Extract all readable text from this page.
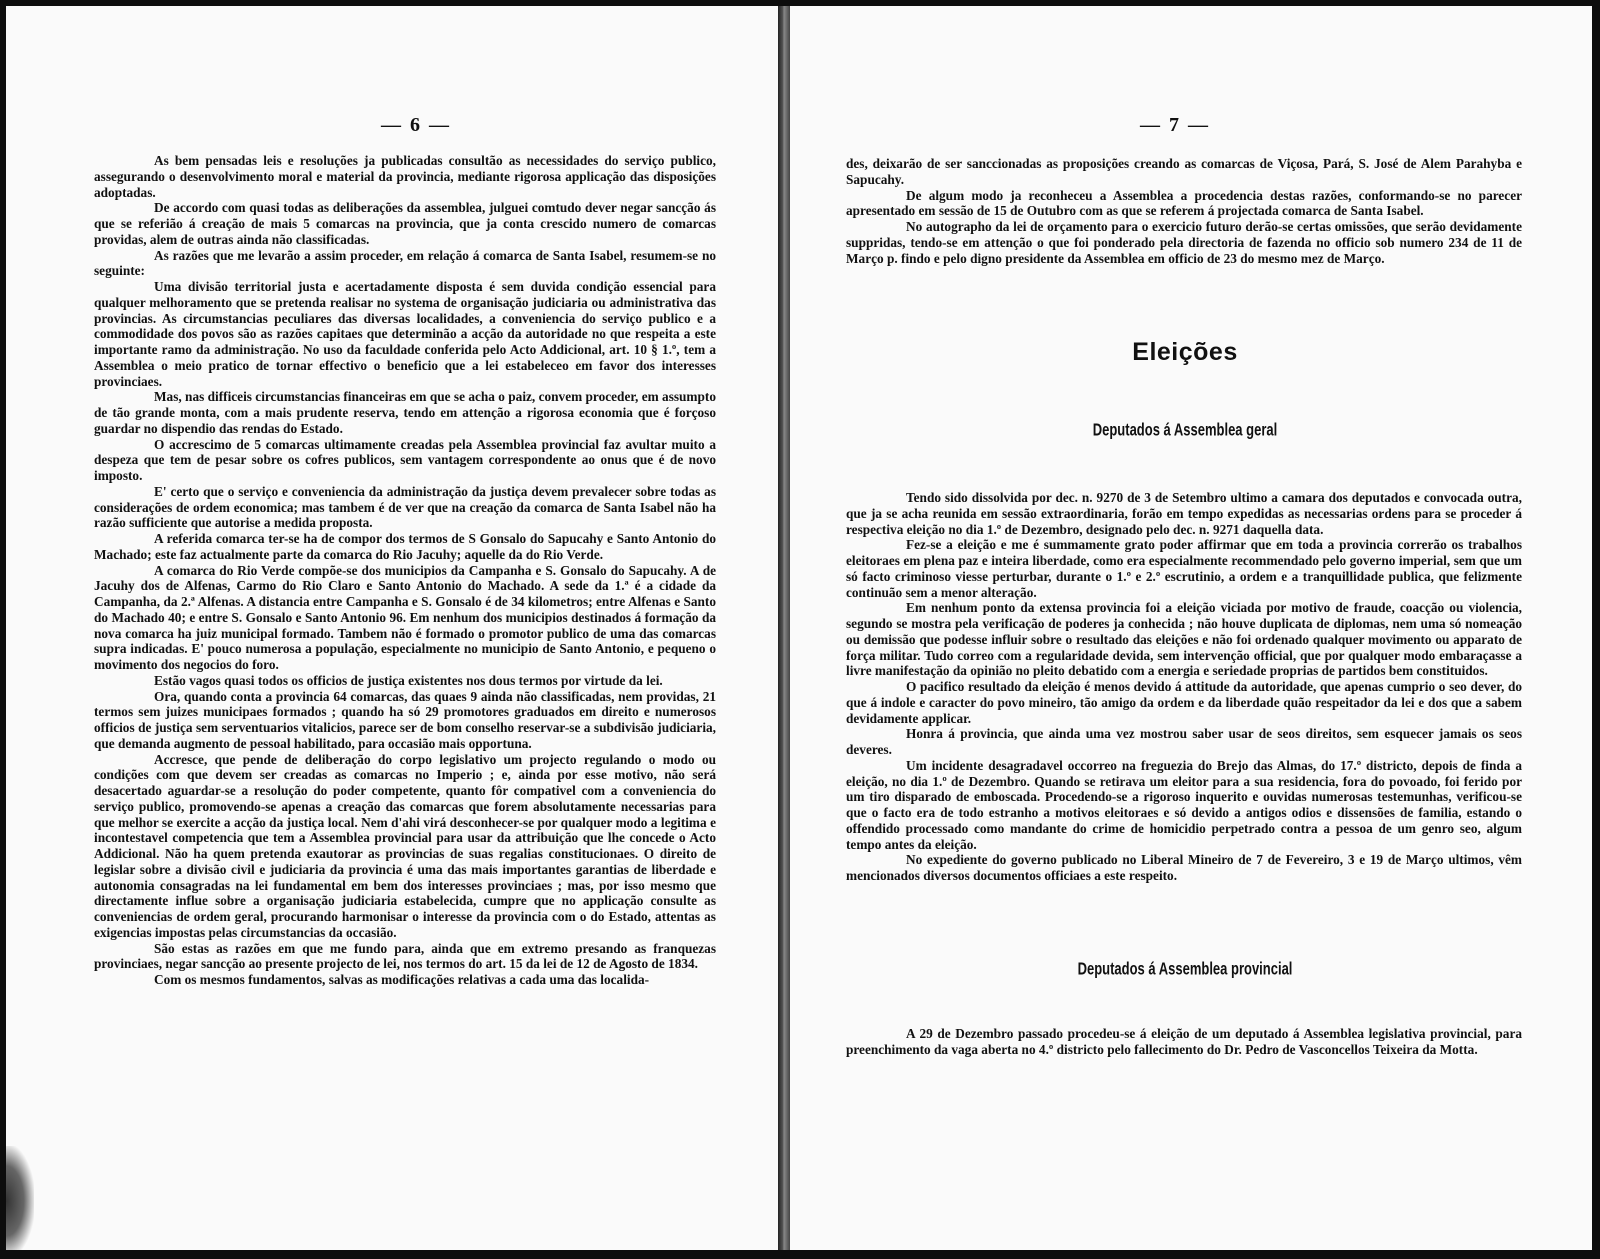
— 6 —

As bem pensadas leis e resoluções ja publicadas consultão as necessidades do serviço publico, assegurando o desenvolvimento moral e material da provincia, mediante rigorosa applicação das disposições adoptadas.

De accordo com quasi todas as deliberações da assemblea, julguei comtudo dever negar sancção ás que se referião á creação de mais 5 comarcas na provincia, que ja conta crescido numero de comarcas providas, alem de outras ainda não classificadas.

As razões que me levarão a assim proceder, em relação á comarca de Santa Isabel, resumem-se no seguinte:

Uma divisão territorial justa e acertadamente disposta é sem duvida condição essencial para qualquer melhoramento que se pretenda realisar no systema de organisação judiciaria ou administrativa das provincias. As circumstancias peculiares das diversas localidades, a conveniencia do serviço publico e a commodidade dos povos são as razões capitaes que determinão a acção da autoridade no que respeita a este importante ramo da administração. No uso da faculdade conferida pelo Acto Addicional, art. 10 § 1.º, tem a Assemblea o meio pratico de tornar effectivo o beneficio que a lei estabeleceo em favor dos interesses provinciaes.

Mas, nas difficeis circumstancias financeiras em que se acha o paiz, convem proceder, em assumpto de tão grande monta, com a mais prudente reserva, tendo em attenção a rigorosa economia que é forçoso guardar no dispendio das rendas do Estado.

O accrescimo de 5 comarcas ultimamente creadas pela Assemblea provincial faz avultar muito a despeza que tem de pesar sobre os cofres publicos, sem vantagem correspondente ao onus que é de novo imposto.

E' certo que o serviço e conveniencia da administração da justiça devem prevalecer sobre todas as considerações de ordem economica; mas tambem é de ver que na creação da comarca de Santa Isabel não ha razão sufficiente que autorise a medida proposta.

A referida comarca ter-se ha de compor dos termos de S Gonsalo do Sapucahy e Santo Antonio do Machado; este faz actualmente parte da comarca do Rio Jacuhy; aquelle da do Rio Verde.

A comarca do Rio Verde compõe-se dos municipios da Campanha e S. Gonsalo do Sapucahy. A de Jacuhy dos de Alfenas, Carmo do Rio Claro e Santo Antonio do Machado. A sede da 1.ª é a cidade da Campanha, da 2.ª Alfenas. A distancia entre Campanha e S. Gonsalo é de 34 kilometros; entre Alfenas e Santo do Machado 40; e entre S. Gonsalo e Santo Antonio 96. Em nenhum dos municipios destinados á formação da nova comarca ha juiz municipal formado. Tambem não é formado o promotor publico de uma das comarcas supra indicadas. E' pouco numerosa a população, especialmente no municipio de Santo Antonio, e pequeno o movimento dos negocios do foro.

Estão vagos quasi todos os officios de justiça existentes nos dous termos por virtude da lei.

Ora, quando conta a provincia 64 comarcas, das quaes 9 ainda não classificadas, nem providas, 21 termos sem juizes municipaes formados ; quando ha só 29 promotores graduados em direito e numerosos officios de justiça sem serventuarios vitalicios, parece ser de bom conselho reservar-se a subdivisão judiciaria, que demanda augmento de pessoal habilitado, para occasião mais opportuna.

Accresce, que pende de deliberação do corpo legislativo um projecto regulando o modo ou condições com que devem ser creadas as comarcas no Imperio ; e, ainda por esse motivo, não será desacertado aguardar-se a resolução do poder competente, quanto fôr compativel com a conveniencia do serviço publico, promovendo-se apenas a creação das comarcas que forem absolutamente necessarias para que melhor se exercite a acção da justiça local. Nem d'ahi virá desconhecer-se por qualquer modo a legitima e incontestavel competencia que tem a Assemblea provincial para usar da attribuição que lhe concede o Acto Addicional. Não ha quem pretenda exautorar as provincias de suas regalias constitucionaes. O direito de legislar sobre a divisão civil e judiciaria da provincia é uma das mais importantes garantias de liberdade e autonomia consagradas na lei fundamental em bem dos interesses provinciaes ; mas, por isso mesmo que directamente influe sobre a organisação judiciaria estabelecida, cumpre que no applicação consulte as conveniencias de ordem geral, procurando harmonisar o interesse da provincia com o do Estado, attentas as exigencias impostas pelas circumstancias da occasião.

São estas as razões em que me fundo para, ainda que em extremo presando as franquezas provinciaes, negar sancção ao presente projecto de lei, nos termos do art. 15 da lei de 12 de Agosto de 1834.

Com os mesmos fundamentos, salvas as modificações relativas a cada uma das localida-

— 7 —

des, deixarão de ser sanccionadas as proposições creando as comarcas de Viçosa, Pará, S. José de Alem Parahyba e Sapucahy.

De algum modo ja reconheceu a Assemblea a procedencia destas razões, conformando-se no parecer apresentado em sessão de 15 de Outubro com as que se referem á projectada comarca de Santa Isabel.

No autographo da lei de orçamento para o exercicio futuro derão-se certas omissões, que serão devidamente suppridas, tendo-se em attenção o que foi ponderado pela directoria de fazenda no officio sob numero 234 de 11 de Março p. findo e pelo digno presidente da Assemblea em officio de 23 do mesmo mez de Março.

Eleições
Deputados á Assemblea geral

Tendo sido dissolvida por dec. n. 9270 de 3 de Setembro ultimo a camara dos deputados e convocada outra, que ja se acha reunida em sessão extraordinaria, forão em tempo expedidas as necessarias ordens para se proceder á respectiva eleição no dia 1.º de Dezembro, designado pelo dec. n. 9271 daquella data.

Fez-se a eleição e me é summamente grato poder affirmar que em toda a provincia correrão os trabalhos eleitoraes em plena paz e inteira liberdade, como era especialmente recommendado pelo governo imperial, sem que um só facto criminoso viesse perturbar, durante o 1.º e 2.º escrutinio, a ordem e a tranquillidade publica, que felizmente continuão sem a menor alteração.

Em nenhum ponto da extensa provincia foi a eleição viciada por motivo de fraude, coacção ou violencia, segundo se mostra pela verificação de poderes ja conhecida ; não houve duplicata de diplomas, nem uma só nomeação ou demissão que podesse influir sobre o resultado das eleições e não foi ordenado qualquer movimento ou apparato de força militar. Tudo correo com a regularidade devida, sem intervenção official, que por qualquer modo embaraçasse a livre manifestação da opinião no pleito debatido com a energia e seriedade proprias de partidos bem constituidos.

O pacifico resultado da eleição é menos devido á attitude da autoridade, que apenas cumprio o seo dever, do que á indole e caracter do povo mineiro, tão amigo da ordem e da liberdade quão respeitador da lei e dos que a sabem devidamente applicar.

Honra á provincia, que ainda uma vez mostrou saber usar de seos direitos, sem esquecer jamais os seos deveres.

Um incidente desagradavel occorreo na freguezia do Brejo das Almas, do 17.º districto, depois de finda a eleição, no dia 1.º de Dezembro. Quando se retirava um eleitor para a sua residencia, fora do povoado, foi ferido por um tiro disparado de emboscada. Procedendo-se a rigoroso inquerito e ouvidas numerosas testemunhas, verificou-se que o facto era de todo estranho a motivos eleitoraes e só devido a antigos odios e dissensões de familia, estando o offendido processado como mandante do crime de homicidio perpetrado contra a pessoa de um genro seo, algum tempo antes da eleição.

No expediente do governo publicado no Liberal Mineiro de 7 de Fevereiro, 3 e 19 de Março ultimos, vêm mencionados diversos documentos officiaes a este respeito.

Deputados á Assemblea provincial

A 29 de Dezembro passado procedeu-se á eleição de um deputado á Assemblea legislativa provincial, para preenchimento da vaga aberta no 4.º districto pelo fallecimento do Dr. Pedro de Vasconcellos Teixeira da Motta.
